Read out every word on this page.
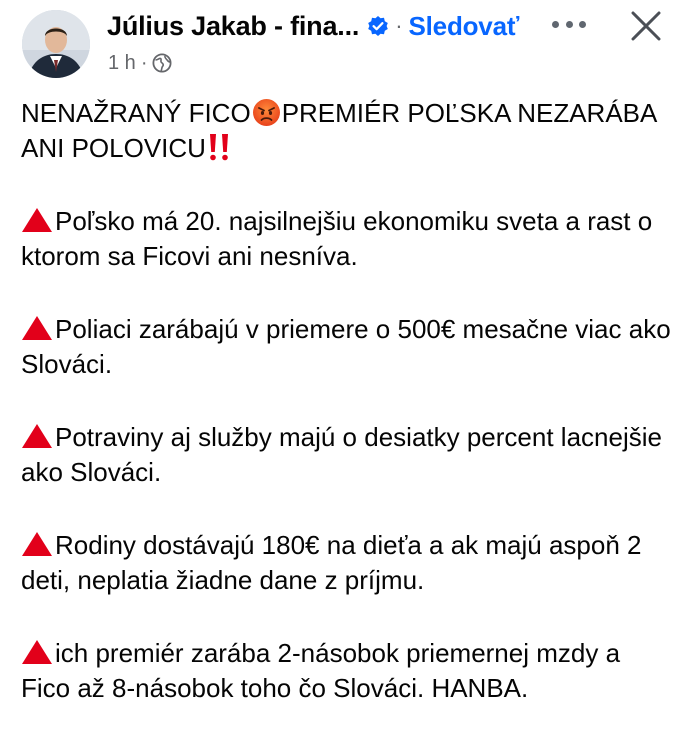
Július Jakab - fina... · Sledovať
1 h ·

NENAŽRANÝ FICO PREMIÉR POĽSKA NEZARÁBA ANI POLOVICU

Poľsko má 20. najsilnejšiu ekonomiku sveta a rast o ktorom sa Ficovi ani nesníva.

Poliaci zarábajú v priemere o 500€ mesačne viac ako Slováci.

Potraviny aj služby majú o desiatky percent lacnejšie ako Slováci.

Rodiny dostávajú 180€ na dieťa a ak majú aspoň 2 deti, neplatia žiadne dane z príjmu.

ich premiér zarába 2-násobok priemernej mzdy a Fico až 8-násobok toho čo Slováci. HANBA.
